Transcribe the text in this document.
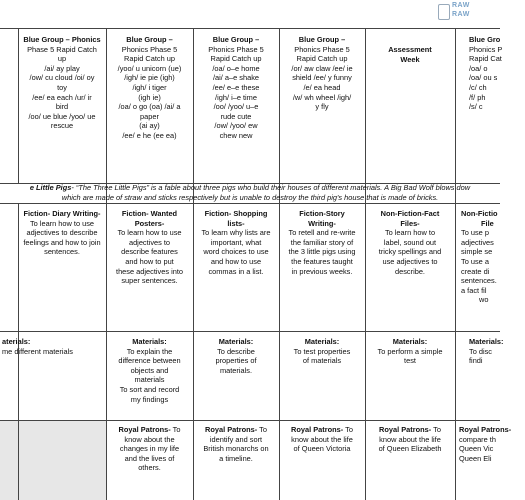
RAW
RAW
Blue Group – Phonics
Phase 5 Rapid Catch
up
/ai/ ay play
/ow/ cu cloud /oi/ oy
toy
/ee/ ea each /ur/ ir
bird
/oo/ ue blue /yoo/ ue
rescue
Blue Group –
Phonics Phase 5
Rapid Catch up
/yoo/ u unicorn (ue)
/igh/ ie pie (igh)
/igh/ i tiger
(igh ie)
/oa/ o go (oa) /ai/ a
paper
(ai ay)
/ee/ e he (ee ea)
Blue Group –
Phonics Phase 5
Rapid Catch up
/oa/ o–e home
/ai/ a–e shake
/ee/ e–e these
/igh/ i–e time
/oo/ /yoo/ u–e
rude cute
/ow/ /yoo/ ew
chew new
Blue Group –
Phonics Phase 5
Rapid Catch up
/or/ aw claw /ee/ ie
shield /ee/ y funny
/e/ ea head
/w/ wh wheel /igh/
y fly
Assessment
Week
Blue Gro
Phonics P
Rapid Cat
/oa/ o
/oa/ ou s
/c/ ch
/f/ ph
/s/ c
e Little Pigs- “The Three Little Pigs” is a fable about three pigs who build their houses of different materials. A Big Bad Wolf blows dow
which are made of straw and sticks respectively but is unable to destroy the third pig's house that is made of bricks.
Fiction- Diary Writing-
To learn how to use
adjectives to describe
feelings and how to join
sentences.
Fiction- Wanted
Posters-
To learn how to use
adjectives to
describe features
and how to put
these adjectives into
super sentences.
Fiction- Shopping
lists-
To learn why lists are
important, what
word choices to use
and how to use
commas in a list.
Fiction-Story
Writing-
To retell and re-write
the familiar story of
the 3 little pigs using
the features taught
in previous weeks.
Non-Fiction-Fact
Files-
To learn how to
label, sound out
tricky spellings and
use adjectives to
describe.
Non-Fictio
File
To use p
adjectives
simple se
To use a
create di
sentences.
a fact fil
wo
aterials:
me different materials
Materials:
To explain the
difference between
objects and
materials
To sort and record
my findings
Materials:
To describe
properties of
materials.
Materials:
To test properties
of materials
Materials:
To perform a simple
test
Materials:
To disc
findi
Royal Patrons- To
know about the
changes in my life
and the lives of
others.
Royal Patrons- To
identify and sort
British monarchs on
a timeline.
Royal Patrons- To
know about the life
of Queen Victoria
Royal Patrons- To
know about the life
of Queen Elizabeth
Royal Patrons-
compare th
Queen Vic
Queen Eli
